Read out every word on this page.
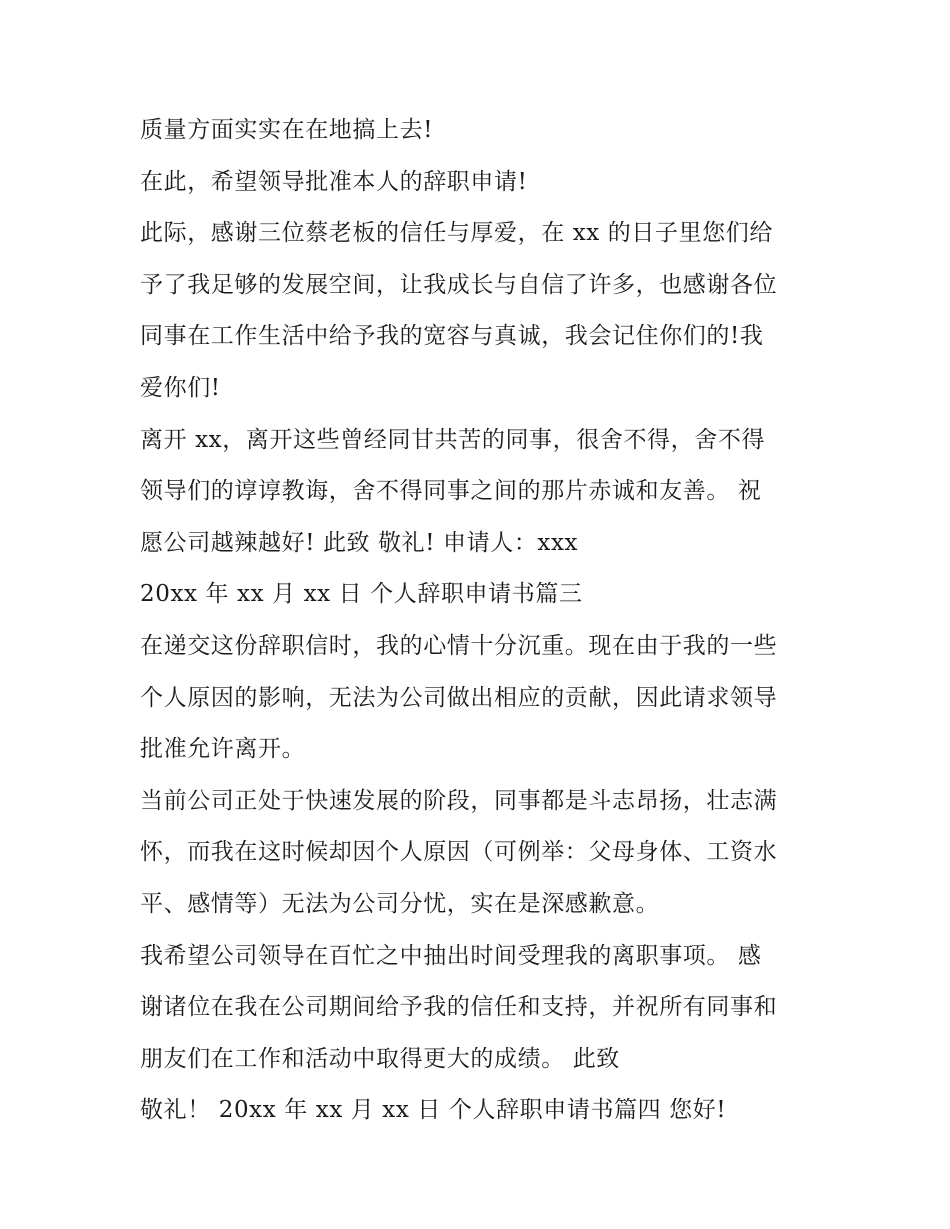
质量方面实实在在地搞上去!
在此，希望领导批准本人的辞职申请!
此际，感谢三位蔡老板的信任与厚爱，在 xx 的日子里您们给
予了我足够的发展空间，让我成长与自信了许多，也感谢各位
同事在工作生活中给予我的宽容与真诚，我会记住你们的!我
爱你们!
离开 xx，离开这些曾经同甘共苦的同事，很舍不得，舍不得
领导们的谆谆教诲，舍不得同事之间的那片赤诚和友善。 祝
愿公司越辣越好! 此致 敬礼! 申请人：xxx
20xx 年 xx 月 xx 日 个人辞职申请书篇三
在递交这份辞职信时，我的心情十分沉重。现在由于我的一些
个人原因的影响，无法为公司做出相应的贡献，因此请求领导
批准允许离开。
当前公司正处于快速发展的阶段，同事都是斗志昂扬，壮志满
怀，而我在这时候却因个人原因（可例举：父母身体、工资水
平、感情等）无法为公司分忧，实在是深感歉意。
我希望公司领导在百忙之中抽出时间受理我的离职事项。 感
谢诸位在我在公司期间给予我的信任和支持，并祝所有同事和
朋友们在工作和活动中取得更大的成绩。 此致
敬礼！ 20xx 年 xx 月 xx 日 个人辞职申请书篇四 您好!
